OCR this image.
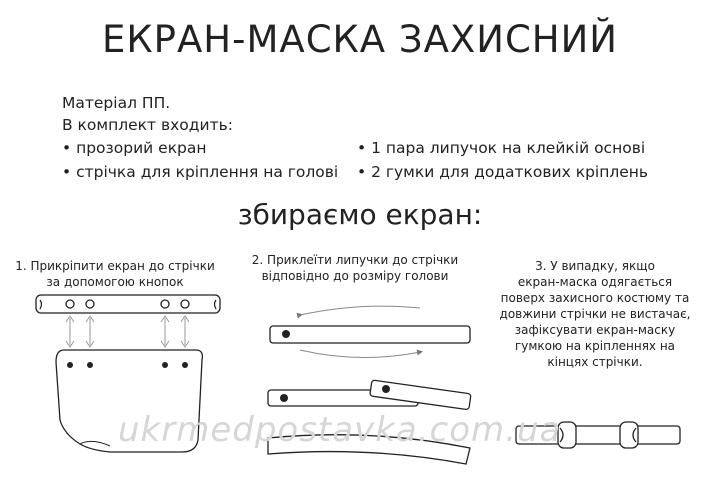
ЕКРАН-МАСКА ЗАХИСНИЙ
Матеріал ПП.
В комплект входить:
• прозорий екран
• стрічка для кріплення на голові
• 1 пара липучок на клейкій основі
• 2 гумки для додаткових кріплень
збираємо екран:
1. Прикріпити екран до стрічки
за допомогою кнопок
2. Приклеїти липучки до стрічки
відповідно до розміру голови
3. У випадку, якщо
екран-маска одягається
поверх захисного костюму та
довжини стрічки не вистачає,
зафіксувати екран-маску
гумкою на кріпленнях на
кінцях стрічки.
ukrmedpostavka.com.ua
